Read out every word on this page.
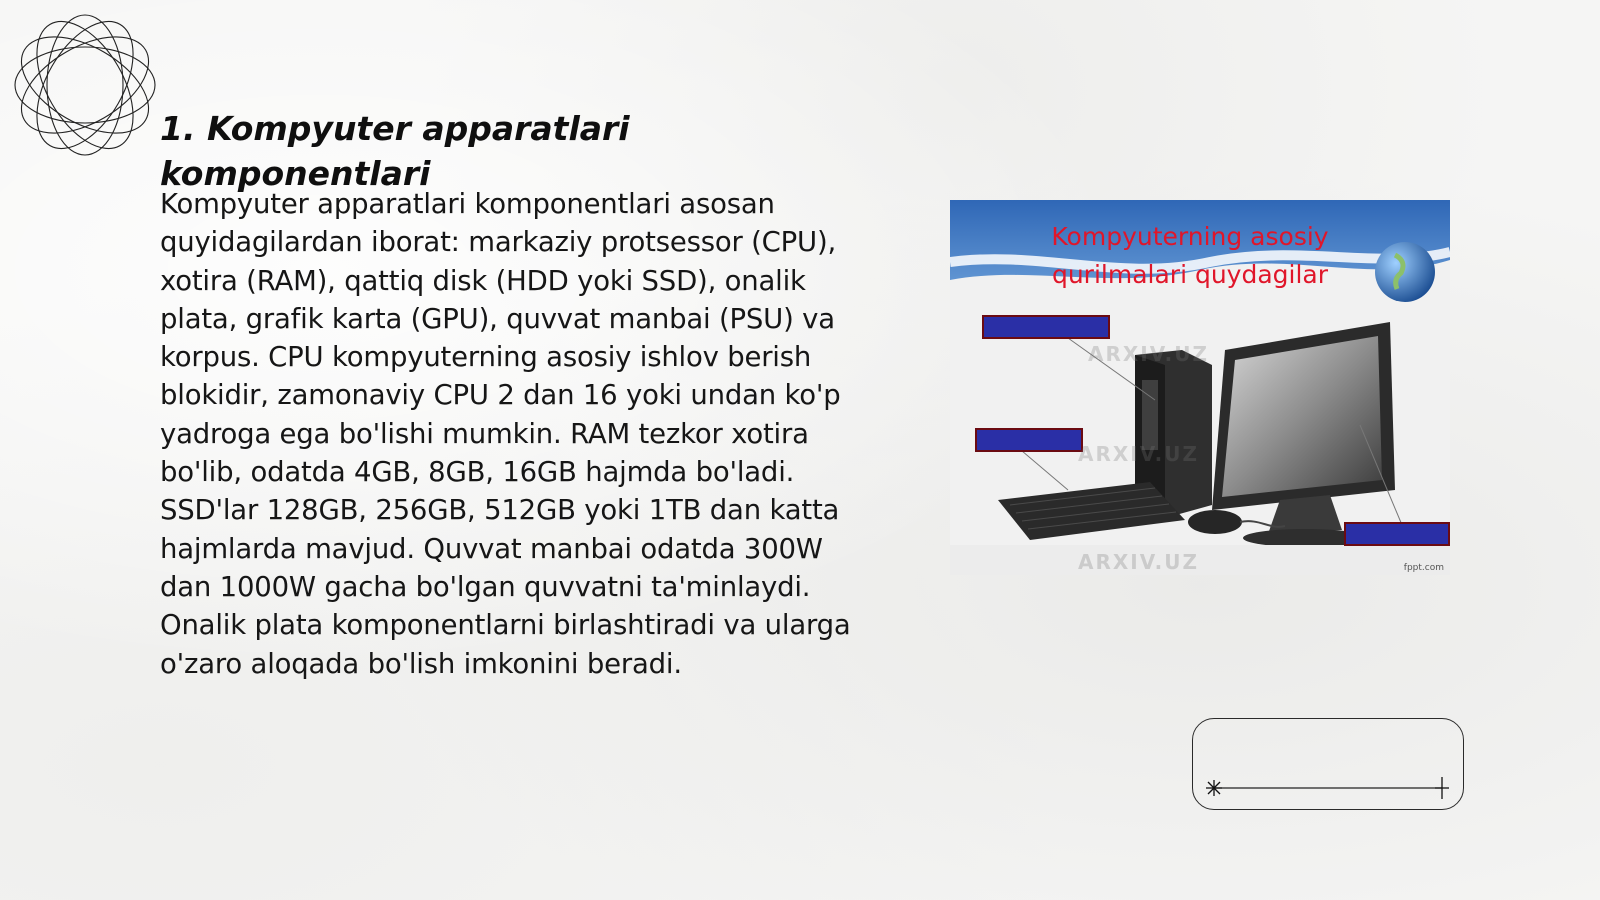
1. Kompyuter apparatlari komponentlari

Kompyuter apparatlari komponentlari asosan quyidagilardan iborat: markaziy protsessor (CPU), xotira (RAM), qattiq disk (HDD yoki SSD), onalik plata, grafik karta (GPU), quvvat manbai (PSU) va korpus. CPU kompyuterning asosiy ishlov berish blokidir, zamonaviy CPU 2 dan 16 yoki undan ko'p yadroga ega bo'lishi mumkin. RAM tezkor xotira bo'lib, odatda 4GB, 8GB, 16GB hajmda bo'ladi. SSD'lar 128GB, 256GB, 512GB yoki 1TB dan katta hajmlarda mavjud. Quvvat manbai odatda 300W dan 1000W gacha bo'lgan quvvatni ta'minlaydi. Onalik plata komponentlarni birlashtiradi va ularga o'zaro aloqada bo'lish imkonini beradi.

Kompyuterning asosiy
qurilmalari quydagilar
ARXIV.UZ
ARXIV.UZ
ARXIV.UZ	fppt.com
